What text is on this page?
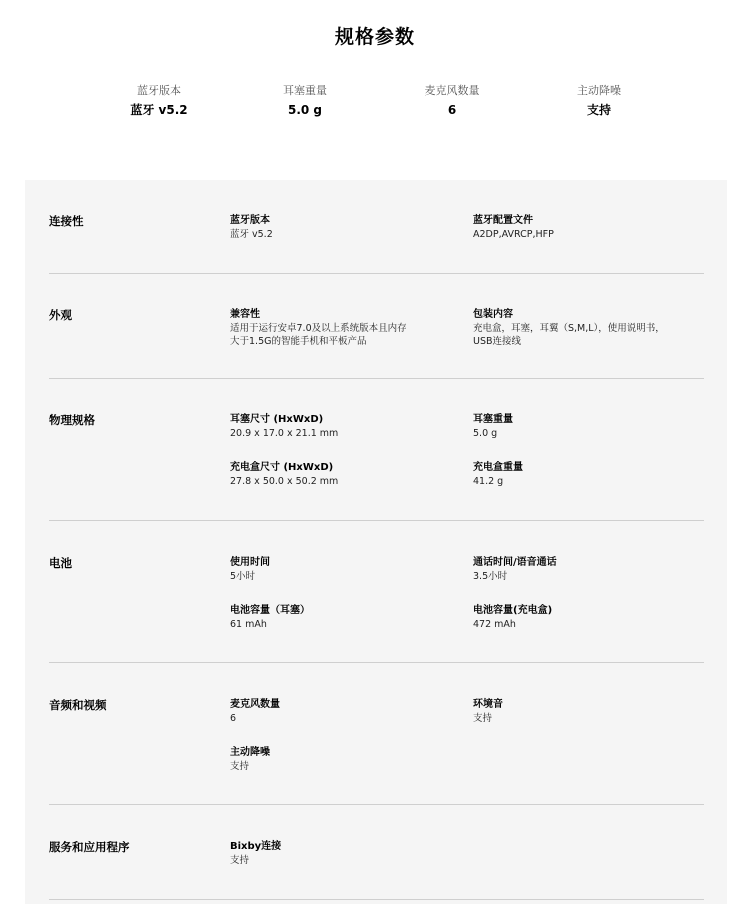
规格参数
蓝牙版本
蓝牙 v5.2
耳塞重量
5.0 g
麦克风数量
6
主动降噪
支持
连接性	蓝牙版本
蓝牙 v5.2
蓝牙配置文件
A2DP,AVRCP,HFP
外观	兼容性
适用于运行安卓7.0及以上系统版本且内存
大于1.5G的智能手机和平板产品
包装内容
充电盒，耳塞，耳翼（S,M,L），使用说明书，
USB连接线
物理规格	耳塞尺寸 (HxWxD)
20.9 x 17.0 x 21.1 mm
耳塞重量
5.0 g
充电盒尺寸 (HxWxD)
27.8 x 50.0 x 50.2 mm
充电盒重量
41.2 g
电池	使用时间
5小时
通话时间/语音通话
3.5小时
电池容量（耳塞）
61 mAh
电池容量(充电盒)
472 mAh
音频和视频	麦克风数量
6
环境音
支持
主动降噪
支持
服务和应用程序	Bixby连接
支持
